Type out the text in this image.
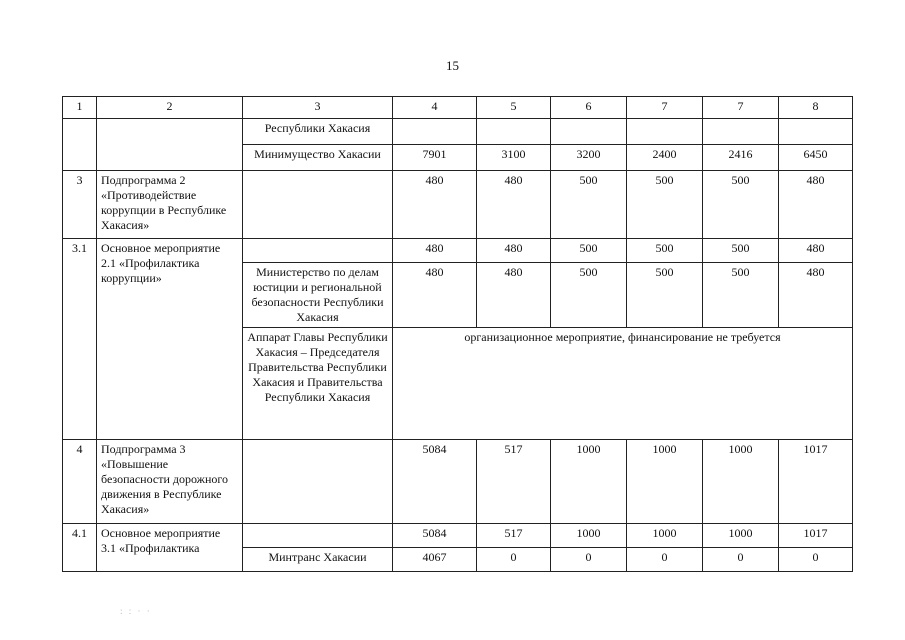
15
1	2	3	4	5	6	7	7	8
		Республики Хакасия						
		Минимущество Хакасии	7901	3100	3200	2400	2416	6450
3	Подпрограмма 2 «Противодействие коррупции в Республике Хакасия»		480	480	500	500	500	480
3.1	Основное мероприятие 2.1 «Профилактика коррупции»		480	480	500	500	500	480
		Министерство по делам юстиции и региональной безопасности Республики Хакасия	480	480	500	500	500	480
		Аппарат Главы Республики Хакасия – Председателя Правительства Республики Хакасия и Правительства Республики Хакасия	организационное мероприятие, финансирование не требуется					
4	Подпрограмма 3 «Повышение безопасности дорожного движения в Республике Хакасия»		5084	517	1000	1000	1000	1017
4.1	Основное мероприятие 3.1 «Профилактика		5084	517	1000	1000	1000	1017
		Минтранс Хакасии	4067	0	0	0	0	0
: : · ·
